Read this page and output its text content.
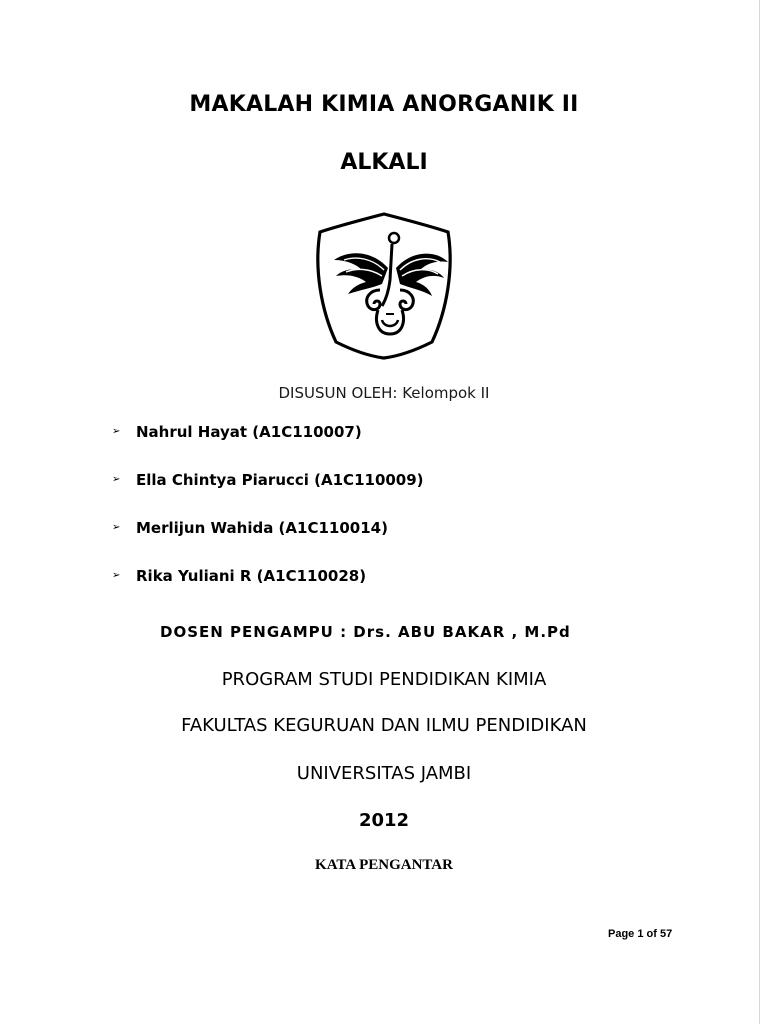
MAKALAH KIMIA ANORGANIK II
ALKALI
DISUSUN OLEH: Kelompok II
➢	Nahrul Hayat (A1C110007)
➢	Ella Chintya Piarucci (A1C110009)
➢	Merlijun Wahida (A1C110014)
➢	Rika Yuliani R (A1C110028)
DOSEN PENGAMPU : Drs. ABU BAKAR , M.Pd
PROGRAM STUDI PENDIDIKAN KIMIA
FAKULTAS KEGURUAN DAN ILMU PENDIDIKAN
UNIVERSITAS JAMBI
2012
KATA PENGANTAR
Page 1 of 57
